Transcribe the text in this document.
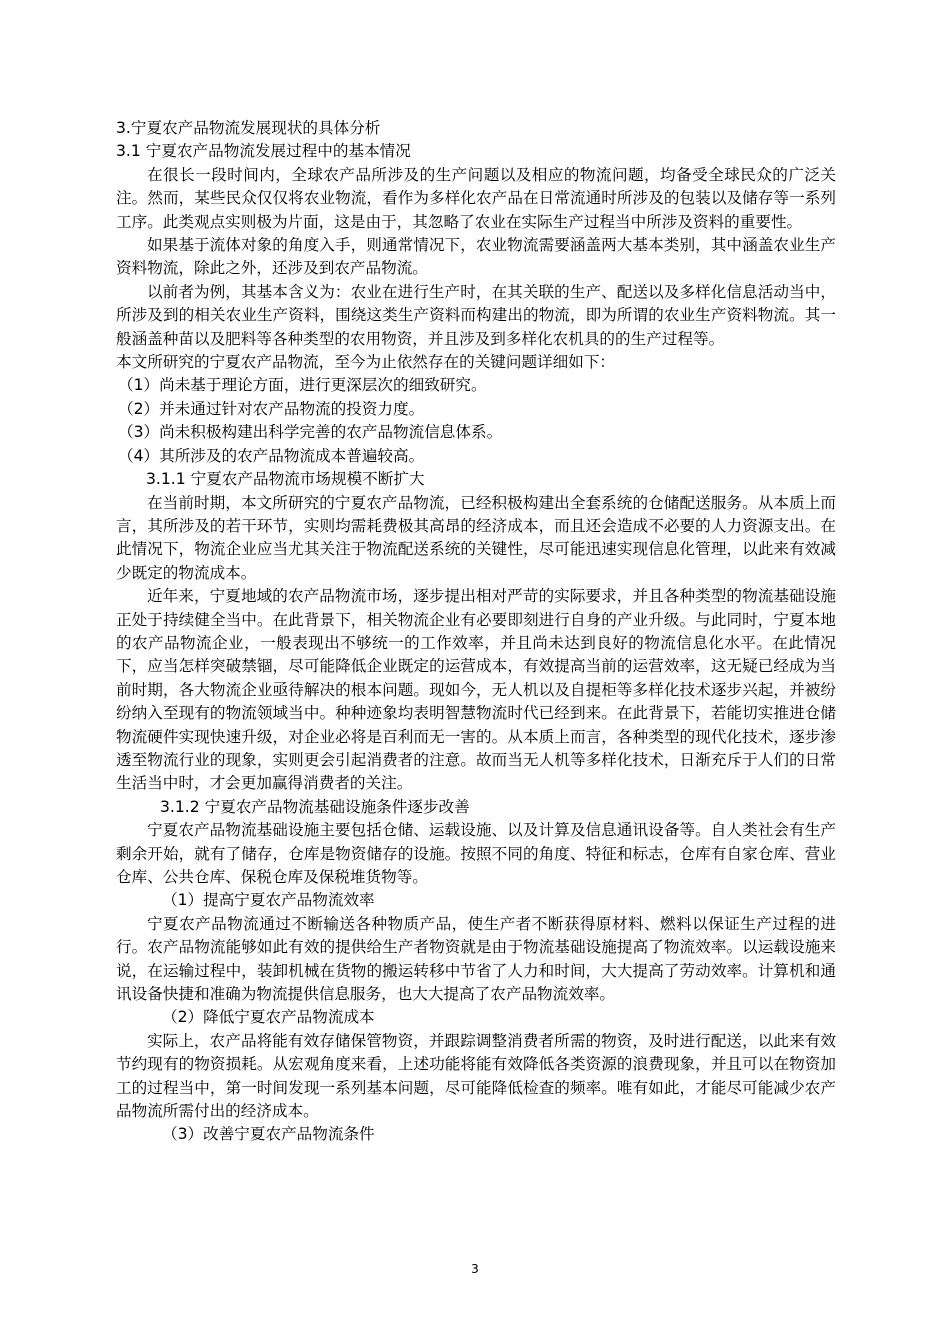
3.宁夏农产品物流发展现状的具体分析

3.1 宁夏农产品物流发展过程中的基本情况

在很长一段时间内，全球农产品所涉及的生产问题以及相应的物流问题，均备受全球民众的广泛关注。然而，某些民众仅仅将农业物流，看作为多样化农产品在日常流通时所涉及的包装以及储存等一系列工序。此类观点实则极为片面，这是由于，其忽略了农业在实际生产过程当中所涉及资料的重要性。

如果基于流体对象的角度入手，则通常情况下，农业物流需要涵盖两大基本类别，其中涵盖农业生产资料物流，除此之外，还涉及到农产品物流。

以前者为例，其基本含义为：农业在进行生产时，在其关联的生产、配送以及多样化信息活动当中，所涉及到的相关农业生产资料，围绕这类生产资料而构建出的物流，即为所谓的农业生产资料物流。其一般涵盖种苗以及肥料等各种类型的农用物资，并且涉及到多样化农机具的的生产过程等。

本文所研究的宁夏农产品物流，至今为止依然存在的关键问题详细如下：

（1）尚未基于理论方面，进行更深层次的细致研究。

（2）并未通过针对农产品物流的投资力度。

（3）尚未积极构建出科学完善的农产品物流信息体系。

（4）其所涉及的农产品物流成本普遍较高。

3.1.1 宁夏农产品物流市场规模不断扩大

在当前时期，本文所研究的宁夏农产品物流，已经积极构建出全套系统的仓储配送服务。从本质上而言，其所涉及的若干环节，实则均需耗费极其高昂的经济成本，而且还会造成不必要的人力资源支出。在此情况下，物流企业应当尤其关注于物流配送系统的关键性，尽可能迅速实现信息化管理，以此来有效减少既定的物流成本。

近年来，宁夏地域的农产品物流市场，逐步提出相对严苛的实际要求，并且各种类型的物流基础设施正处于持续健全当中。在此背景下，相关物流企业有必要即刻进行自身的产业升级。与此同时，宁夏本地的农产品物流企业，一般表现出不够统一的工作效率，并且尚未达到良好的物流信息化水平。在此情况下，应当怎样突破禁锢，尽可能降低企业既定的运营成本，有效提高当前的运营效率，这无疑已经成为当前时期，各大物流企业亟待解决的根本问题。现如今，无人机以及自提柜等多样化技术逐步兴起，并被纷纷纳入至现有的物流领域当中。种种迹象均表明智慧物流时代已经到来。在此背景下，若能切实推进仓储物流硬件实现快速升级，对企业必将是百利而无一害的。从本质上而言，各种类型的现代化技术，逐步渗透至物流行业的现象，实则更会引起消费者的注意。故而当无人机等多样化技术，日渐充斥于人们的日常生活当中时，才会更加赢得消费者的关注。

3.1.2 宁夏农产品物流基础设施条件逐步改善

宁夏农产品物流基础设施主要包括仓储、运载设施、以及计算及信息通讯设备等。自人类社会有生产剩余开始，就有了储存，仓库是物资储存的设施。按照不同的角度、特征和标志，仓库有自家仓库、营业仓库、公共仓库、保税仓库及保税堆货物等。

（1）提高宁夏农产品物流效率

宁夏农产品物流通过不断输送各种物质产品，使生产者不断获得原材料、燃料以保证生产过程的进行。农产品物流能够如此有效的提供给生产者物资就是由于物流基础设施提高了物流效率。以运载设施来说，在运输过程中，装卸机械在货物的搬运转移中节省了人力和时间，大大提高了劳动效率。计算机和通讯设备快捷和准确为物流提供信息服务，也大大提高了农产品物流效率。

（2）降低宁夏农产品物流成本

实际上，农产品将能有效存储保管物资，并跟踪调整消费者所需的物资，及时进行配送，以此来有效节约现有的物资损耗。从宏观角度来看，上述功能将能有效降低各类资源的浪费现象，并且可以在物资加工的过程当中，第一时间发现一系列基本问题，尽可能降低检查的频率。唯有如此，才能尽可能减少农产品物流所需付出的经济成本。

（3）改善宁夏农产品物流条件

3
